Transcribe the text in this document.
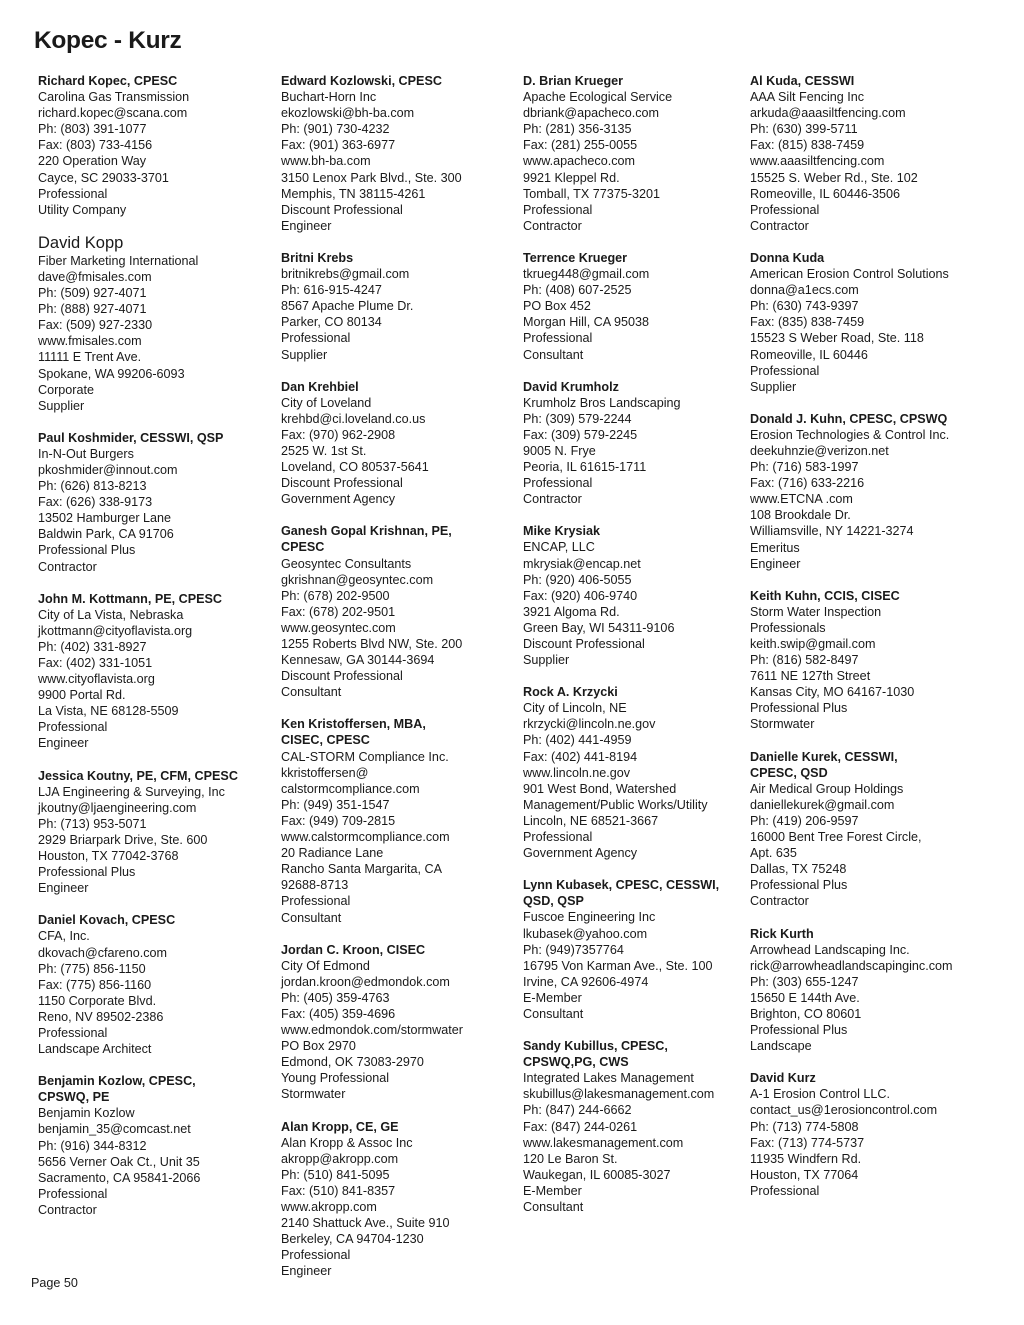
Kopec - Kurz
Richard Kopec, CPESC
Carolina Gas Transmission
richard.kopec@scana.com
Ph: (803) 391-1077
Fax: (803) 733-4156
220 Operation Way
Cayce, SC 29033-3701
Professional
Utility Company
David Kopp
Fiber Marketing International
dave@fmisales.com
Ph: (509) 927-4071
Ph: (888) 927-4071
Fax: (509) 927-2330
www.fmisales.com
11111 E Trent Ave.
Spokane, WA 99206-6093
Corporate
Supplier
Paul Koshmider, CESSWI, QSP
In-N-Out Burgers
pkoshmider@innout.com
Ph: (626) 813-8213
Fax: (626) 338-9173
13502 Hamburger Lane
Baldwin Park, CA 91706
Professional Plus
Contractor
John M. Kottmann, PE, CPESC
City of La Vista, Nebraska
jkottmann@cityoflavista.org
Ph: (402) 331-8927
Fax: (402) 331-1051
www.cityoflavista.org
9900 Portal Rd.
La Vista, NE 68128-5509
Professional
Engineer
Jessica Koutny, PE, CFM, CPESC
LJA Engineering & Surveying, Inc
jkoutny@ljaengineering.com
Ph: (713) 953-5071
2929 Briarpark Drive, Ste. 600
Houston, TX 77042-3768
Professional Plus
Engineer
Daniel Kovach, CPESC
CFA, Inc.
dkovach@cfareno.com
Ph: (775) 856-1150
Fax: (775) 856-1160
1150 Corporate Blvd.
Reno, NV 89502-2386
Professional
Landscape Architect
Benjamin Kozlow, CPESC,
CPSWQ, PE
Benjamin Kozlow
benjamin_35@comcast.net
Ph: (916) 344-8312
5656 Verner Oak Ct., Unit 35
Sacramento, CA 95841-2066
Professional
Contractor
Edward Kozlowski, CPESC
Buchart-Horn Inc
ekozlowski@bh-ba.com
Ph: (901) 730-4232
Fax: (901) 363-6977
www.bh-ba.com
3150 Lenox Park Blvd., Ste. 300
Memphis, TN 38115-4261
Discount Professional
Engineer
Britni Krebs
britnikrebs@gmail.com
Ph: 616-915-4247
8567 Apache Plume Dr.
Parker, CO 80134
Professional
Supplier
Dan Krehbiel
City of Loveland
krehbd@ci.loveland.co.us
Fax: (970) 962-2908
2525 W. 1st St.
Loveland, CO 80537-5641
Discount Professional
Government Agency
Ganesh Gopal Krishnan, PE,
CPESC
Geosyntec Consultants
gkrishnan@geosyntec.com
Ph: (678) 202-9500
Fax: (678) 202-9501
www.geosyntec.com
1255 Roberts Blvd NW, Ste. 200
Kennesaw, GA 30144-3694
Discount Professional
Consultant
Ken Kristoffersen, MBA,
CISEC, CPESC
CAL-STORM Compliance Inc.
kkristoffersen@
calstormcompliance.com
Ph: (949) 351-1547
Fax: (949) 709-2815
www.calstormcompliance.com
20 Radiance Lane
Rancho Santa Margarita, CA
92688-8713
Professional
Consultant
Jordan C. Kroon, CISEC
City Of Edmond
jordan.kroon@edmondok.com
Ph: (405) 359-4763
Fax: (405) 359-4696
www.edmondok.com/stormwater
PO Box 2970
Edmond, OK 73083-2970
Young Professional
Stormwater
Alan Kropp, CE, GE
Alan Kropp & Assoc Inc
akropp@akropp.com
Ph: (510) 841-5095
Fax: (510) 841-8357
www.akropp.com
2140 Shattuck Ave., Suite 910
Berkeley, CA 94704-1230
Professional
Engineer
D. Brian Krueger
Apache Ecological Service
dbriank@apacheco.com
Ph: (281) 356-3135
Fax: (281) 255-0055
www.apacheco.com
9921 Kleppel Rd.
Tomball, TX 77375-3201
Professional
Contractor
Terrence Krueger
tkrueg448@gmail.com
Ph: (408) 607-2525
PO Box 452
Morgan Hill, CA 95038
Professional
Consultant
David Krumholz
Krumholz Bros Landscaping
Ph: (309) 579-2244
Fax: (309) 579-2245
9005 N. Frye
Peoria, IL 61615-1711
Professional
Contractor
Mike Krysiak
ENCAP, LLC
mkrysiak@encap.net
Ph: (920) 406-5055
Fax: (920) 406-9740
3921 Algoma Rd.
Green Bay, WI 54311-9106
Discount Professional
Supplier
Rock A. Krzycki
City of Lincoln, NE
rkrzycki@lincoln.ne.gov
Ph: (402) 441-4959
Fax: (402) 441-8194
www.lincoln.ne.gov
901 West Bond, Watershed
Management/Public Works/Utility
Lincoln, NE 68521-3667
Professional
Government Agency
Lynn Kubasek, CPESC, CESSWI,
QSD, QSP
Fuscoe Engineering Inc
lkubasek@yahoo.com
Ph: (949)7357764
16795 Von Karman Ave., Ste. 100
Irvine, CA 92606-4974
E-Member
Consultant
Sandy Kubillus, CPESC,
CPSWQ,PG, CWS
Integrated Lakes Management
skubillus@lakesmanagement.com
Ph: (847) 244-6662
Fax: (847) 244-0261
www.lakesmanagement.com
120 Le Baron St.
Waukegan, IL 60085-3027
E-Member
Consultant
Al Kuda, CESSWI
AAA Silt Fencing Inc
arkuda@aaasiltfencing.com
Ph: (630) 399-5711
Fax: (815) 838-7459
www.aaasiltfencing.com
15525 S. Weber Rd., Ste. 102
Romeoville, IL 60446-3506
Professional
Contractor
Donna Kuda
American Erosion Control Solutions
donna@a1ecs.com
Ph: (630) 743-9397
Fax: (835) 838-7459
15523 S Weber Road, Ste. 118
Romeoville, IL 60446
Professional
Supplier
Donald J. Kuhn, CPESC, CPSWQ
Erosion Technologies & Control Inc.
deekuhnzie@verizon.net
Ph: (716) 583-1997
Fax: (716) 633-2216
www.ETCNA .com
108 Brookdale Dr.
Williamsville, NY 14221-3274
Emeritus
Engineer
Keith Kuhn, CCIS, CISEC
Storm Water Inspection
Professionals
keith.swip@gmail.com
Ph: (816) 582-8497
7611 NE 127th Street
Kansas City, MO 64167-1030
Professional Plus
Stormwater
Danielle Kurek, CESSWI,
CPESC, QSD
Air Medical Group Holdings
daniellekurek@gmail.com
Ph: (419) 206-9597
16000 Bent Tree Forest Circle,
Apt. 635
Dallas, TX 75248
Professional Plus
Contractor
Rick Kurth
Arrowhead Landscaping Inc.
rick@arrowheadlandscapinginc.com
Ph: (303) 655-1247
15650 E 144th Ave.
Brighton, CO 80601
Professional Plus
Landscape
David Kurz
A-1 Erosion Control LLC.
contact_us@1erosioncontrol.com
Ph: (713) 774-5808
Fax: (713) 774-5737
11935 Windfern Rd.
Houston, TX 77064
Professional
Page 50
